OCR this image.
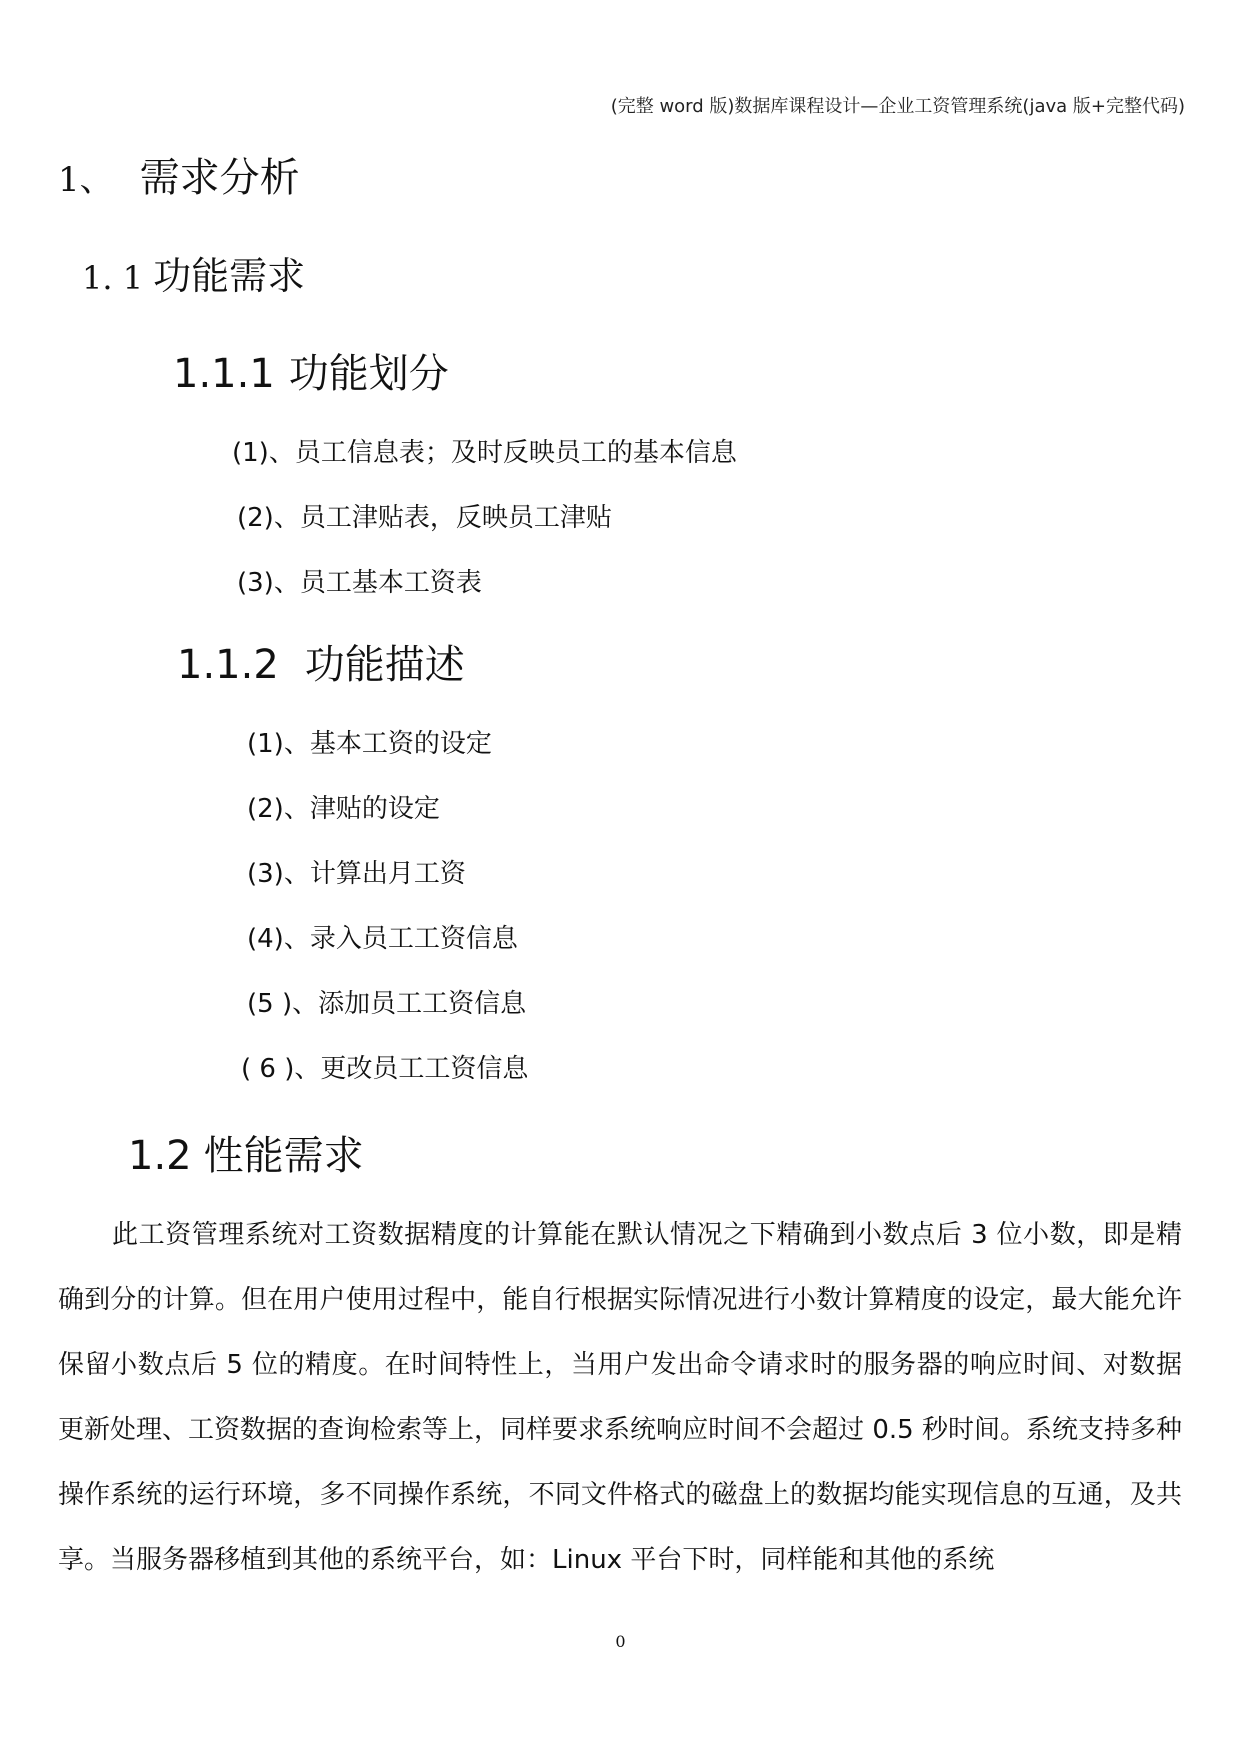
(完整 word 版)数据库课程设计—企业工资管理系统(java 版+完整代码)
1、 需求分析
1. 1 功能需求
1.1.1 功能划分
(1)、员工信息表；及时反映员工的基本信息
(2)、员工津贴表，反映员工津贴
(3)、员工基本工资表
1.1.2 功能描述
(1)、基本工资的设定
(2)、津贴的设定
(3)、计算出月工资
(4)、录入员工工资信息
(5 )、添加员工工资信息
( 6 )、更改员工工资信息
1.2 性能需求
此工资管理系统对工资数据精度的计算能在默认情况之下精确到小数点后 3 位小数，即是精确到分的计算。但在用户使用过程中，能自行根据实际情况进行小数计算精度的设定，最大能允许保留小数点后 5 位的精度。在时间特性上，当用户发出命令请求时的服务器的响应时间、对数据更新处理、工资数据的查询检索等上，同样要求系统响应时间不会超过 0.5 秒时间。系统支持多种操作系统的运行环境，多不同操作系统，不同文件格式的磁盘上的数据均能实现信息的互通，及共享。当服务器移植到其他的系统平台，如：Linux 平台下时，同样能和其他的系统
0
